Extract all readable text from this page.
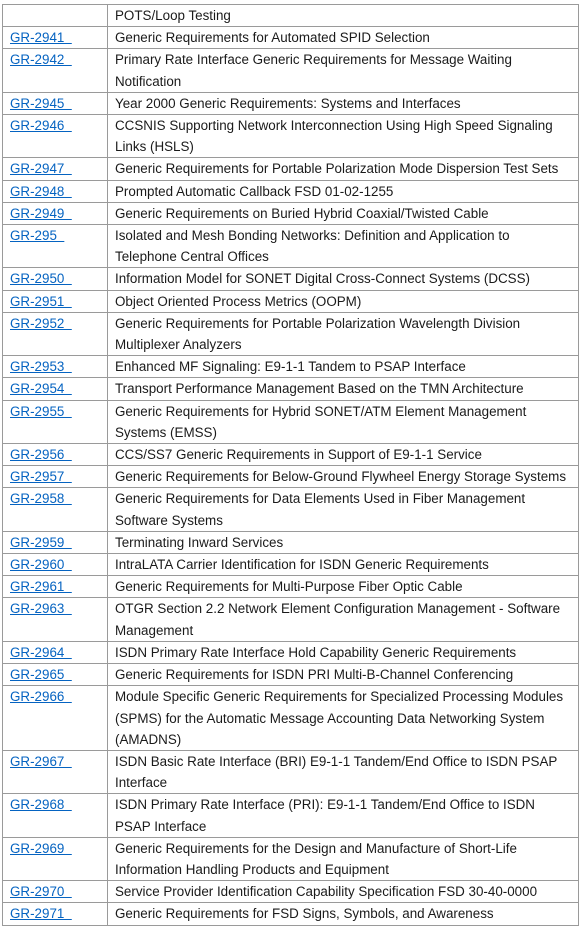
	POTS/Loop Testing
GR-2941	Generic Requirements for Automated SPID Selection
GR-2942	Primary Rate Interface Generic Requirements for Message Waiting Notification
GR-2945	Year 2000 Generic Requirements: Systems and Interfaces
GR-2946	CCSNIS Supporting Network Interconnection Using High Speed Signaling Links (HSLS)
GR-2947	Generic Requirements for Portable Polarization Mode Dispersion Test Sets
GR-2948	Prompted Automatic Callback FSD 01-02-1255
GR-2949	Generic Requirements on Buried Hybrid Coaxial/Twisted Cable
GR-295	Isolated and Mesh Bonding Networks: Definition and Application to Telephone Central Offices
GR-2950	Information Model for SONET Digital Cross-Connect Systems (DCSS)
GR-2951	Object Oriented Process Metrics (OOPM)
GR-2952	Generic Requirements for Portable Polarization Wavelength Division Multiplexer Analyzers
GR-2953	Enhanced MF Signaling: E9-1-1 Tandem to PSAP Interface
GR-2954	Transport Performance Management Based on the TMN Architecture
GR-2955	Generic Requirements for Hybrid SONET/ATM Element Management Systems (EMSS)
GR-2956	CCS/SS7 Generic Requirements in Support of E9-1-1 Service
GR-2957	Generic Requirements for Below-Ground Flywheel Energy Storage Systems
GR-2958	Generic Requirements for Data Elements Used in Fiber Management Software Systems
GR-2959	Terminating Inward Services
GR-2960	IntraLATA Carrier Identification for ISDN Generic Requirements
GR-2961	Generic Requirements for Multi-Purpose Fiber Optic Cable
GR-2963	OTGR Section 2.2 Network Element Configuration Management - Software Management
GR-2964	ISDN Primary Rate Interface Hold Capability Generic Requirements
GR-2965	Generic Requirements for ISDN PRI Multi-B-Channel Conferencing
GR-2966	Module Specific Generic Requirements for Specialized Processing Modules (SPMS) for the Automatic Message Accounting Data Networking System (AMADNS)
GR-2967	ISDN Basic Rate Interface (BRI) E9-1-1 Tandem/End Office to ISDN PSAP Interface
GR-2968	ISDN Primary Rate Interface (PRI): E9-1-1 Tandem/End Office to ISDN PSAP Interface
GR-2969	Generic Requirements for the Design and Manufacture of Short-Life Information Handling Products and Equipment
GR-2970	Service Provider Identification Capability Specification FSD 30-40-0000
GR-2971	Generic Requirements for FSD Signs, Symbols, and Awareness
